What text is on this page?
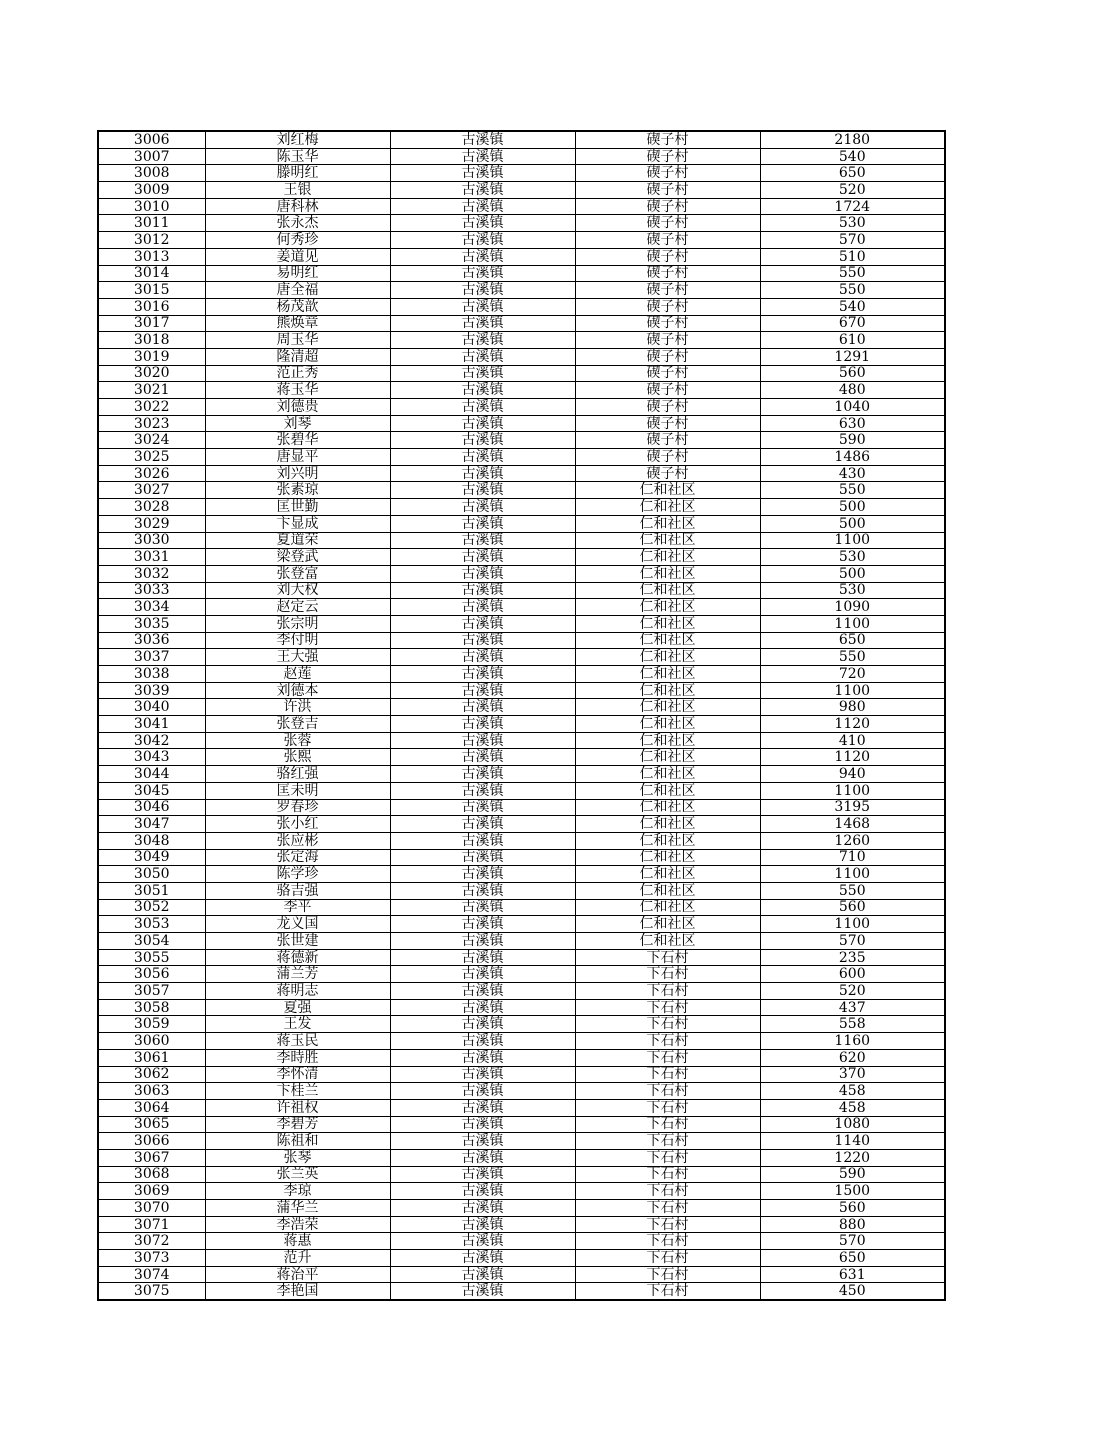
3006	刘红梅	古溪镇	碶子村	2180
3007	陈玉华	古溪镇	碶子村	540
3008	滕明红	古溪镇	碶子村	650
3009	王银	古溪镇	碶子村	520
3010	唐科林	古溪镇	碶子村	1724
3011	张永杰	古溪镇	碶子村	530
3012	何秀珍	古溪镇	碶子村	570
3013	姜道见	古溪镇	碶子村	510
3014	易明红	古溪镇	碶子村	550
3015	唐全福	古溪镇	碶子村	550
3016	杨茂歆	古溪镇	碶子村	540
3017	熊焕章	古溪镇	碶子村	670
3018	周玉华	古溪镇	碶子村	610
3019	隆清超	古溪镇	碶子村	1291
3020	范正秀	古溪镇	碶子村	560
3021	蒋玉华	古溪镇	碶子村	480
3022	刘德贵	古溪镇	碶子村	1040
3023	刘琴	古溪镇	碶子村	630
3024	张碧华	古溪镇	碶子村	590
3025	唐显平	古溪镇	碶子村	1486
3026	刘兴明	古溪镇	碶子村	430
3027	张素琼	古溪镇	仁和社区	550
3028	匡世勤	古溪镇	仁和社区	500
3029	卞显成	古溪镇	仁和社区	500
3030	夏道荣	古溪镇	仁和社区	1100
3031	梁登武	古溪镇	仁和社区	530
3032	张登富	古溪镇	仁和社区	500
3033	刘大权	古溪镇	仁和社区	530
3034	赵定云	古溪镇	仁和社区	1090
3035	张宗明	古溪镇	仁和社区	1100
3036	李付明	古溪镇	仁和社区	650
3037	王大强	古溪镇	仁和社区	550
3038	赵莲	古溪镇	仁和社区	720
3039	刘德本	古溪镇	仁和社区	1100
3040	许洪	古溪镇	仁和社区	980
3041	张登吉	古溪镇	仁和社区	1120
3042	张蓉	古溪镇	仁和社区	410
3043	张熙	古溪镇	仁和社区	1120
3044	骆红强	古溪镇	仁和社区	940
3045	匡未明	古溪镇	仁和社区	1100
3046	罗春珍	古溪镇	仁和社区	3195
3047	张小红	古溪镇	仁和社区	1468
3048	张应彬	古溪镇	仁和社区	1260
3049	张定海	古溪镇	仁和社区	710
3050	陈学珍	古溪镇	仁和社区	1100
3051	骆吉强	古溪镇	仁和社区	550
3052	李平	古溪镇	仁和社区	560
3053	龙义国	古溪镇	仁和社区	1100
3054	张世建	古溪镇	仁和社区	570
3055	蒋德新	古溪镇	下石村	235
3056	蒲兰芳	古溪镇	下石村	600
3057	蒋明志	古溪镇	下石村	520
3058	夏强	古溪镇	下石村	437
3059	王发	古溪镇	下石村	558
3060	蒋玉民	古溪镇	下石村	1160
3061	李時胜	古溪镇	下石村	620
3062	李怀清	古溪镇	下石村	370
3063	卞桂兰	古溪镇	下石村	458
3064	许祖权	古溪镇	下石村	458
3065	李碧芳	古溪镇	下石村	1080
3066	陈祖和	古溪镇	下石村	1140
3067	张琴	古溪镇	下石村	1220
3068	张兰英	古溪镇	下石村	590
3069	李琼	古溪镇	下石村	1500
3070	蒲华兰	古溪镇	下石村	560
3071	李浩荣	古溪镇	下石村	880
3072	蒋惠	古溪镇	下石村	570
3073	范升	古溪镇	下石村	650
3074	蒋治平	古溪镇	下石村	631
3075	李艳国	古溪镇	下石村	450
